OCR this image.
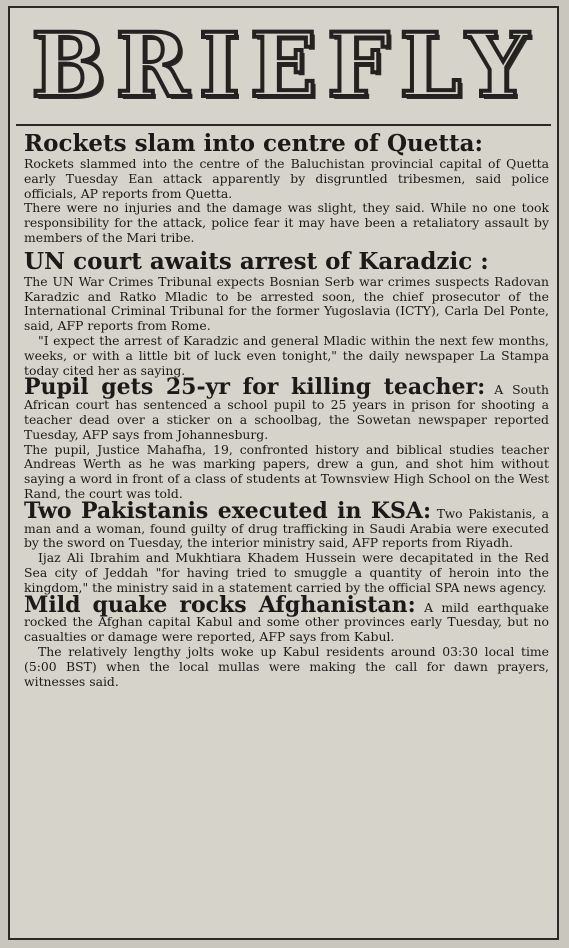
BRIEFLY
Rockets slam into centre of Quetta:

Rockets slammed into the centre of the Baluchistan provincial capital of Quetta early Tuesday Ean attack apparently by disgruntled tribesmen, said police officials, AP reports from Quetta.

There were no injuries and the damage was slight, they said. While no one took responsibility for the attack, police fear it may have been a retaliatory assault by members of the Mari tribe.

UN court awaits arrest of Karadzic :

The UN War Crimes Tribunal expects Bosnian Serb war crimes suspects Radovan Karadzic and Ratko Mladic to be arrested soon, the chief prosecutor of the International Criminal Tribunal for the former Yugoslavia (ICTY), Carla Del Ponte, said, AFP reports from Rome.

"I expect the arrest of Karadzic and general Mladic within the next few months, weeks, or with a little bit of luck even tonight," the daily newspaper La Stampa today cited her as saying.

Pupil gets 25-yr for killing teacher: A South African court has sentenced a school pupil to 25 years in prison for shooting a teacher dead over a sticker on a schoolbag, the Sowetan newspaper reported Tuesday, AFP says from Johannesburg.

The pupil, Justice Mahafha, 19, confronted history and biblical studies teacher Andreas Werth as he was marking papers, drew a gun, and shot him without saying a word in front of a class of students at Townsview High School on the West Rand, the court was told.

Two Pakistanis executed in KSA: Two Pakistanis, a man and a woman, found guilty of drug trafficking in Saudi Arabia were executed by the sword on Tuesday, the interior ministry said, AFP reports from Riyadh.

Ijaz Ali Ibrahim and Mukhtiara Khadem Hussein were decapitated in the Red Sea city of Jeddah "for having tried to smuggle a quantity of heroin into the kingdom," the ministry said in a statement carried by the official SPA news agency.

Mild quake rocks Afghanistan: A mild earthquake rocked the Afghan capital Kabul and some other provinces early Tuesday, but no casualties or damage were reported, AFP says from Kabul.

The relatively lengthy jolts woke up Kabul residents around 03:30 local time (5:00 BST) when the local mullas were making the call for dawn prayers, witnesses said.
